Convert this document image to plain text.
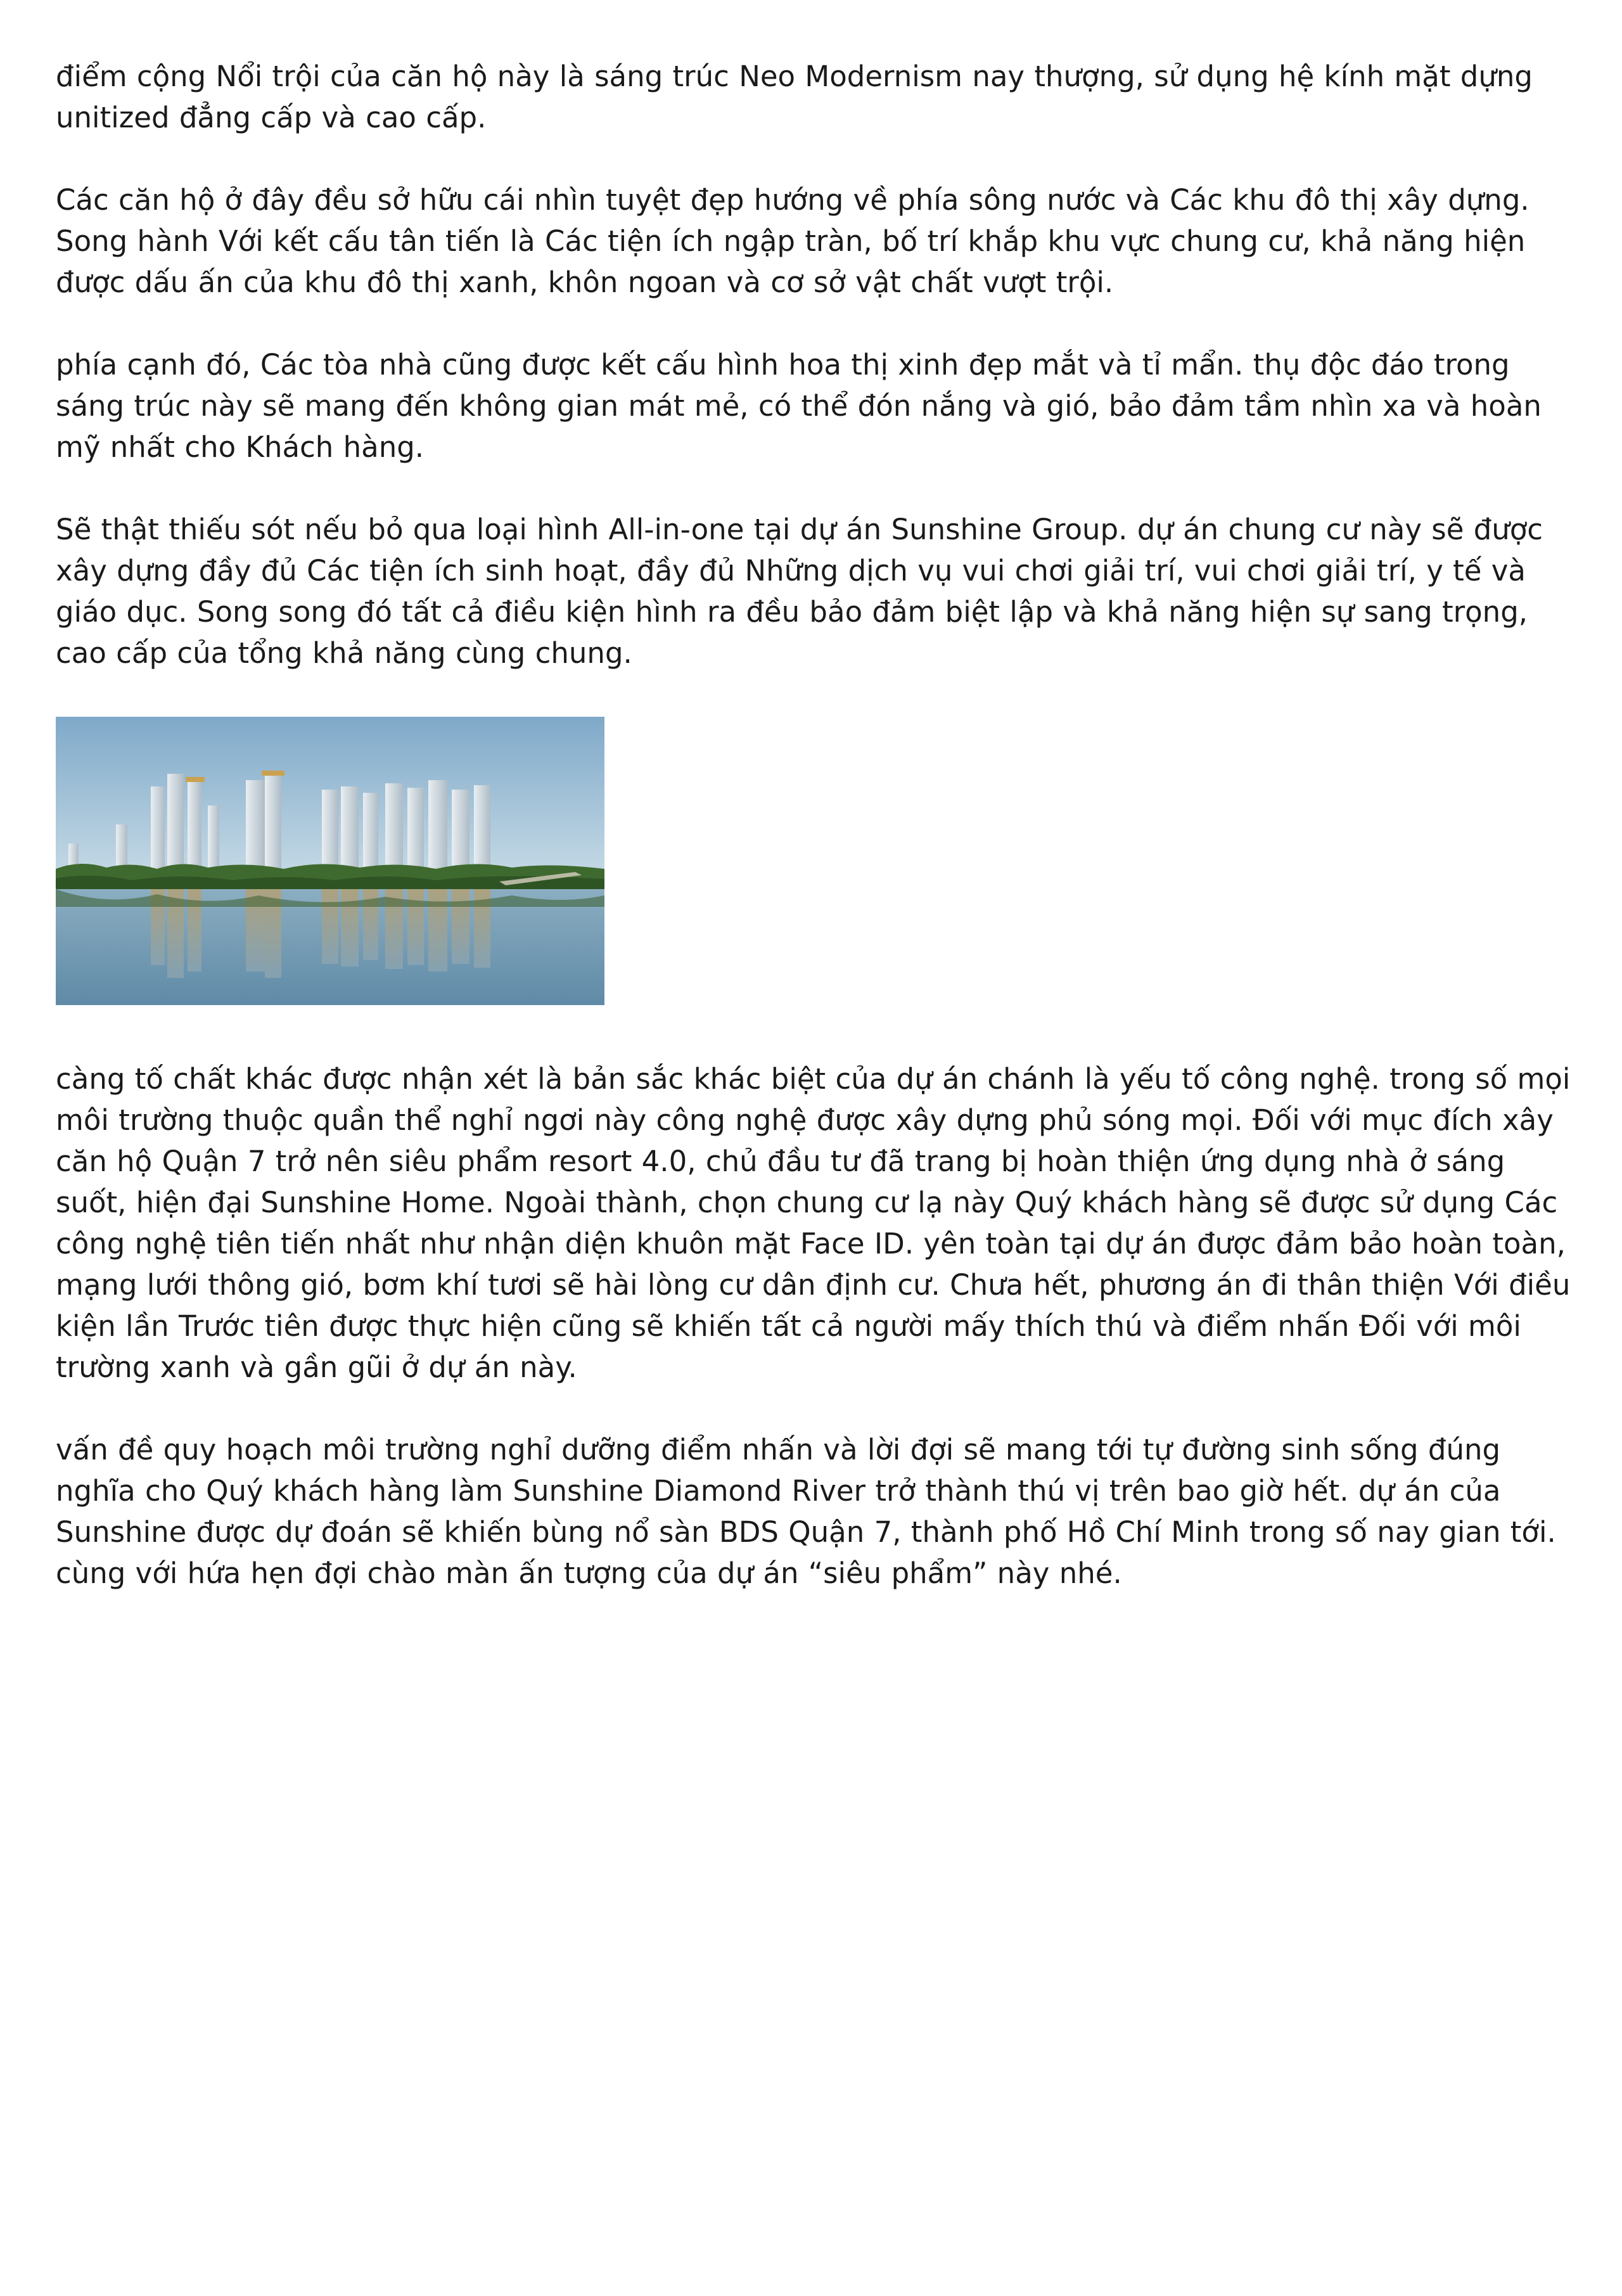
điểm cộng Nổi trội của căn hộ này là sáng trúc Neo Modernism nay thượng, sử dụng hệ kính mặt dựng unitized đẳng cấp và cao cấp.

Các căn hộ ở đây đều sở hữu cái nhìn tuyệt đẹp hướng về phía sông nước và Các khu đô thị xây dựng. Song hành Với kết cấu tân tiến là Các tiện ích ngập tràn, bố trí khắp khu vực chung cư, khả năng hiện được dấu ấn của khu đô thị xanh, khôn ngoan và cơ sở vật chất vượt trội.

phía cạnh đó, Các tòa nhà cũng được kết cấu hình hoa thị xinh đẹp mắt và tỉ mẩn. thụ độc đáo trong sáng trúc này sẽ mang đến không gian mát mẻ, có thể đón nắng và gió, bảo đảm tầm nhìn xa và hoàn mỹ nhất cho Khách hàng.

Sẽ thật thiếu sót nếu bỏ qua loại hình All-in-one tại dự án Sunshine Group. dự án chung cư này sẽ được xây dựng đầy đủ Các tiện ích sinh hoạt, đầy đủ Những dịch vụ vui chơi giải trí, vui chơi giải trí, y tế và giáo dục. Song song đó tất cả điều kiện hình ra đều bảo đảm biệt lập và khả năng hiện sự sang trọng, cao cấp của tổng khả năng cùng chung.

càng tố chất khác được nhận xét là bản sắc khác biệt của dự án chánh là yếu tố công nghệ. trong số mọi môi trường thuộc quần thể nghỉ ngơi này công nghệ được xây dựng phủ sóng mọi. Đối với mục đích xây căn hộ Quận 7 trở nên siêu phẩm resort 4.0, chủ đầu tư đã trang bị hoàn thiện ứng dụng nhà ở sáng suốt, hiện đại Sunshine Home. Ngoài thành, chọn chung cư lạ này Quý khách hàng sẽ được sử dụng Các công nghệ tiên tiến nhất như nhận diện khuôn mặt Face ID. yên toàn tại dự án được đảm bảo hoàn toàn, mạng lưới thông gió, bơm khí tươi sẽ hài lòng cư dân định cư. Chưa hết, phương án đi thân thiện Với điều kiện lần Trước tiên được thực hiện cũng sẽ khiến tất cả người mấy thích thú và điểm nhấn Đối với môi trường xanh và gần gũi ở dự án này.

vấn đề quy hoạch môi trường nghỉ dưỡng điểm nhấn và lời đợi sẽ mang tới tự đường sinh sống đúng nghĩa cho Quý khách hàng làm Sunshine Diamond River trở thành thú vị trên bao giờ hết. dự án của Sunshine được dự đoán sẽ khiến bùng nổ sàn BDS Quận 7, thành phố Hồ Chí Minh trong số nay gian tới. cùng với hứa hẹn đợi chào màn ấn tượng của dự án “siêu phẩm” này nhé.
